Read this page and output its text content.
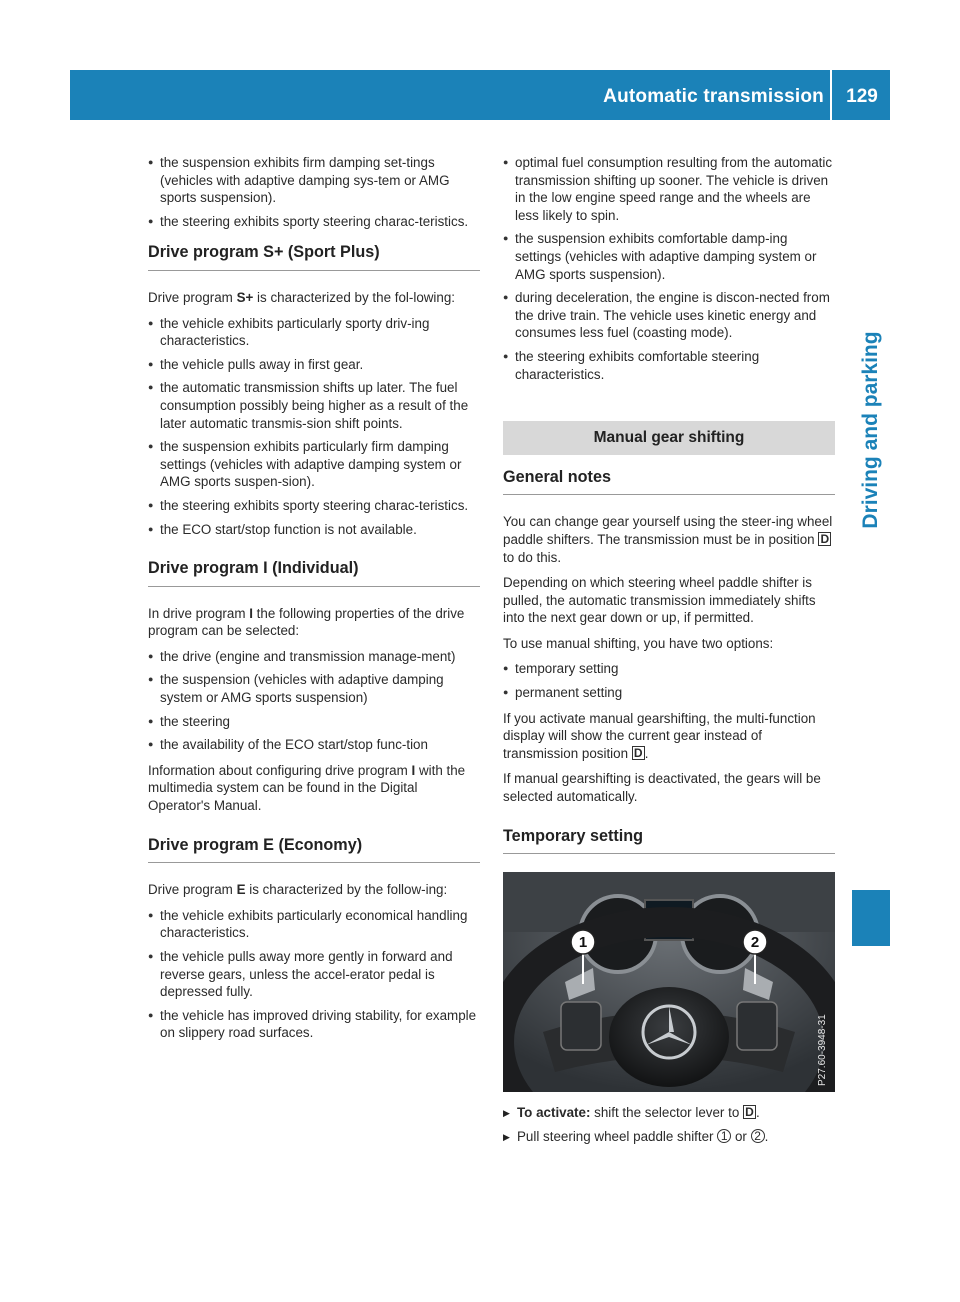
Automatic transmission	129
Driving and parking
● the suspension exhibits firm damping set-tings (vehicles with adaptive damping sys-tem or AMG sports suspension).
● the steering exhibits sporty steering charac-teristics.
Drive program S+ (Sport Plus)

Drive program S+ is characterized by the fol-lowing:

● the vehicle exhibits particularly sporty driv-ing characteristics.
● the vehicle pulls away in first gear.
● the automatic transmission shifts up later. The fuel consumption possibly being higher as a result of the later automatic transmis-sion shift points.
● the suspension exhibits particularly firm damping settings (vehicles with adaptive damping system or AMG sports suspen-sion).
● the steering exhibits sporty steering charac-teristics.
● the ECO start/stop function is not available.
Drive program I (Individual)

In drive program I the following properties of the drive program can be selected:

● the drive (engine and transmission manage-ment)
● the suspension (vehicles with adaptive damping system or AMG sports suspension)
● the steering
● the availability of the ECO start/stop func-tion

Information about configuring drive program I with the multimedia system can be found in the Digital Operator's Manual.

Drive program E (Economy)

Drive program E is characterized by the follow-ing:

● the vehicle exhibits particularly economical handling characteristics.
● the vehicle pulls away more gently in forward and reverse gears, unless the accel-erator pedal is depressed fully.
● the vehicle has improved driving stability, for example on slippery road surfaces.
● optimal fuel consumption resulting from the automatic transmission shifting up sooner. The vehicle is driven in the low engine speed range and the wheels are less likely to spin.
● the suspension exhibits comfortable damp-ing settings (vehicles with adaptive damping system or AMG sports suspension).
● during deceleration, the engine is discon-nected from the drive train. The vehicle uses kinetic energy and consumes less fuel (coasting mode).
● the steering exhibits comfortable steering characteristics.
Manual gear shifting
General notes

You can change gear yourself using the steer-ing wheel paddle shifters. The transmission must be in position D to do this.

Depending on which steering wheel paddle shifter is pulled, the automatic transmission immediately shifts into the next gear down or up, if permitted.

To use manual shifting, you have two options:

● temporary setting
● permanent setting

If you activate manual gearshifting, the multi-function display will show the current gear instead of transmission position D .

If manual gearshifting is deactivated, the gears will be selected automatically.

Temporary setting
1	2
P27.60-3948-31
▶ To activate: shift the selector lever to D .
▶ Pull steering wheel paddle shifter 1 or 2 .
